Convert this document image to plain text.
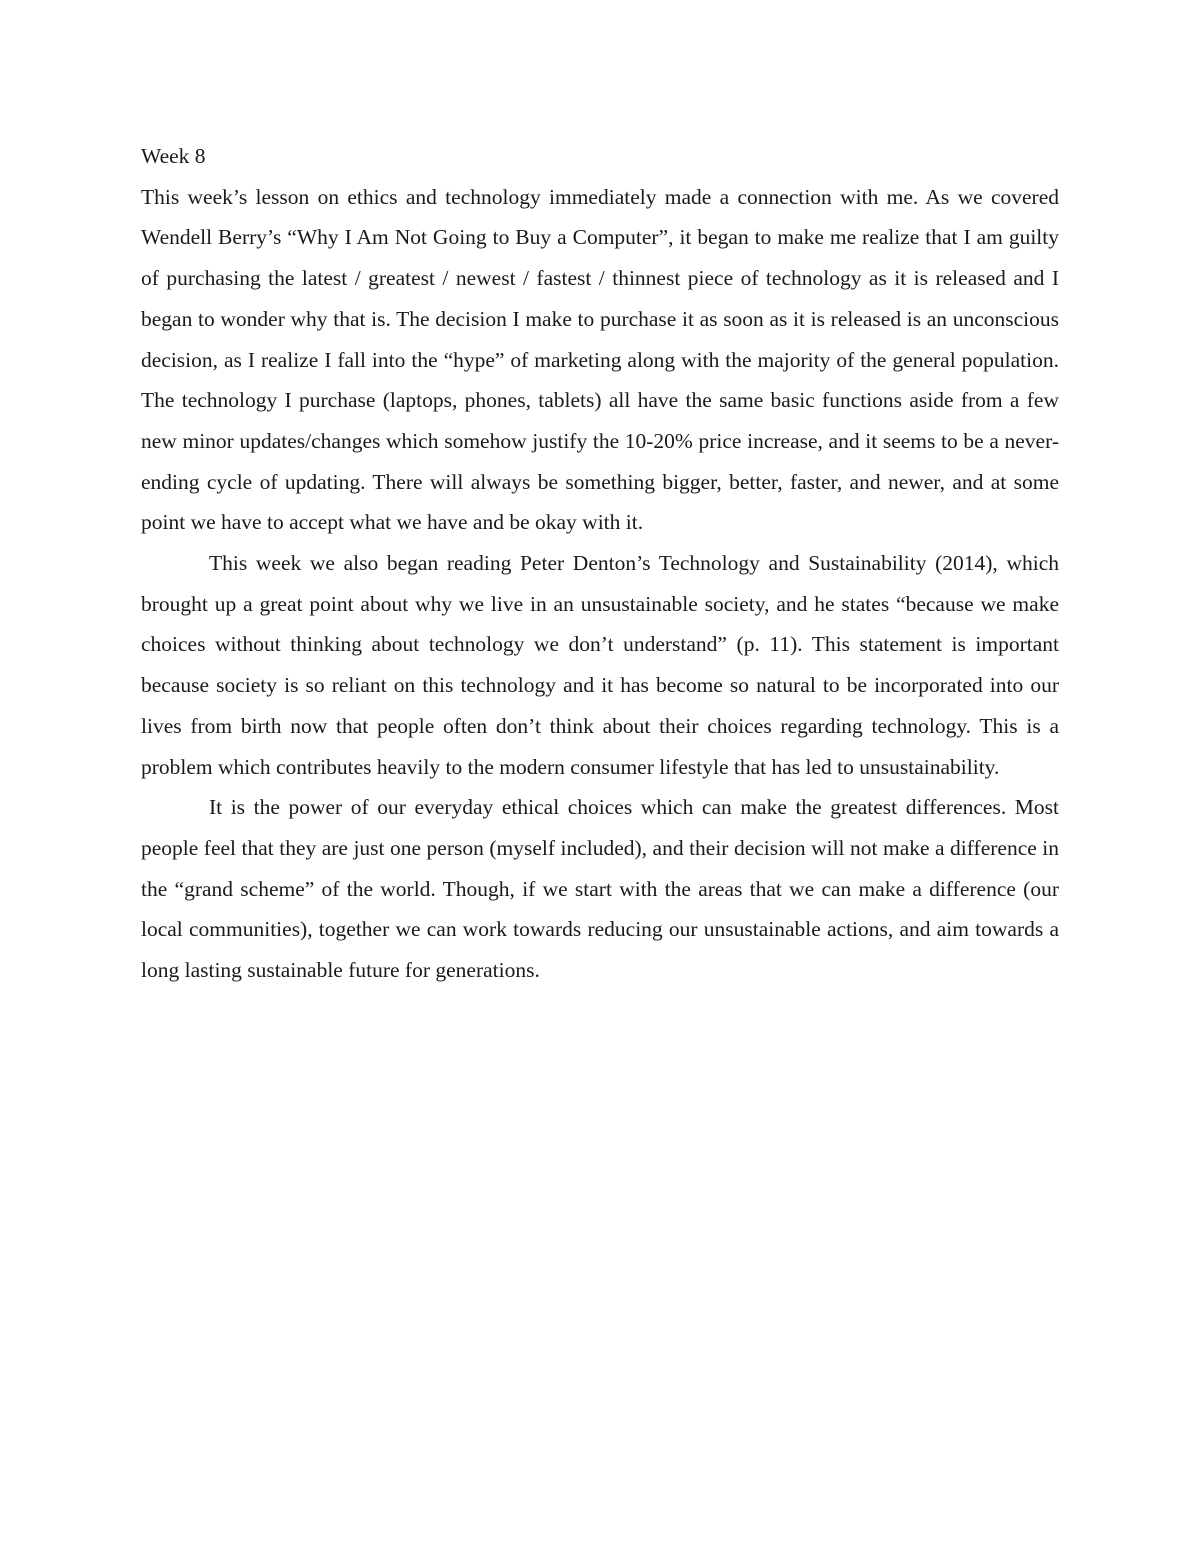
Week 8

This week’s lesson on ethics and technology immediately made a connection with me. As we covered Wendell Berry’s “Why I Am Not Going to Buy a Computer”, it began to make me realize that I am guilty of purchasing the latest / greatest / newest / fastest / thinnest piece of technology as it is released and I began to wonder why that is. The decision I make to purchase it as soon as it is released is an unconscious decision, as I realize I fall into the “hype” of marketing along with the majority of the general population. The technology I purchase (laptops, phones, tablets) all have the same basic functions aside from a few new minor updates/changes which somehow justify the 10-20% price increase, and it seems to be a never-ending cycle of updating. There will always be something bigger, better, faster, and newer, and at some point we have to accept what we have and be okay with it.

This week we also began reading Peter Denton’s Technology and Sustainability (2014), which brought up a great point about why we live in an unsustainable society, and he states “because we make choices without thinking about technology we don’t understand” (p. 11). This statement is important because society is so reliant on this technology and it has become so natural to be incorporated into our lives from birth now that people often don’t think about their choices regarding technology. This is a problem which contributes heavily to the modern consumer lifestyle that has led to unsustainability.

It is the power of our everyday ethical choices which can make the greatest differences. Most people feel that they are just one person (myself included), and their decision will not make a difference in the “grand scheme” of the world. Though, if we start with the areas that we can make a difference (our local communities), together we can work towards reducing our unsustainable actions, and aim towards a long lasting sustainable future for generations.
